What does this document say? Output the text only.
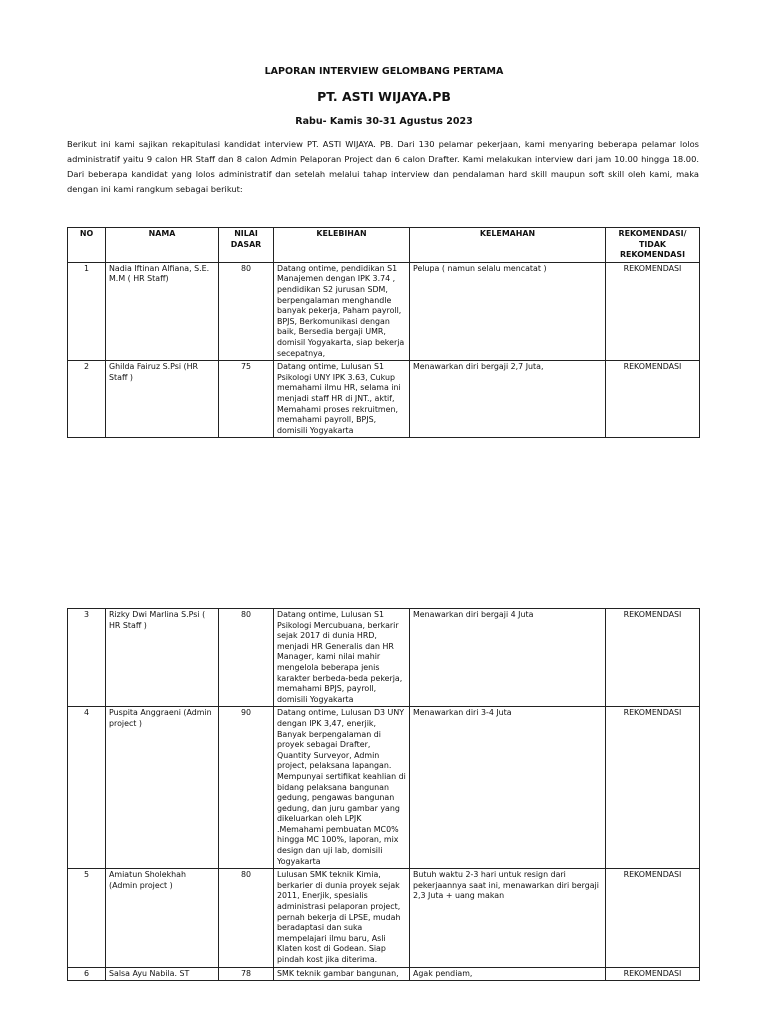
LAPORAN INTERVIEW GELOMBANG PERTAMA
PT. ASTI WIJAYA.PB
Rabu- Kamis 30-31 Agustus 2023
Berikut ini kami sajikan rekapitulasi kandidat interview PT. ASTI WIJAYA. PB. Dari 130 pelamar pekerjaan, kami menyaring beberapa pelamar lolos administratif yaitu 9 calon HR Staff dan 8 calon Admin Pelaporan Project dan 6 calon Drafter. Kami melakukan interview dari jam 10.00 hingga 18.00. Dari beberapa kandidat yang lolos administratif dan setelah melalui tahap interview dan pendalaman hard skill maupun soft skill oleh kami, maka dengan ini kami rangkum sebagai berikut:
NO	NAMA	NILAI DASAR	KELEBIHAN	KELEMAHAN	REKOMENDASI/ TIDAK REKOMENDASI
1	Nadia Iftinan Alfiana, S.E. M.M ( HR Staff)	80	Datang ontime, pendidikan S1 Manajemen dengan IPK 3.74 , pendidikan S2 jurusan SDM, berpengalaman menghandle banyak pekerja, Paham payroll, BPJS, Berkomunikasi dengan baik, Bersedia bergaji UMR, domisil Yogyakarta, siap bekerja secepatnya,	Pelupa ( namun selalu mencatat )	REKOMENDASI
2	Ghilda Fairuz S.Psi (HR Staff )	75	Datang ontime, Lulusan S1 Psikologi UNY IPK 3.63, Cukup memahami ilmu HR, selama ini menjadi staff HR di JNT., aktif, Memahami proses rekruitmen, memahami payroll, BPJS, domisili Yogyakarta	Menawarkan diri bergaji 2,7 Juta,	REKOMENDASI
3	Rizky Dwi Marlina S.Psi ( HR Staff )	80	Datang ontime, Lulusan S1 Psikologi Mercubuana, berkarir sejak 2017 di dunia HRD, menjadi HR Generalis dan HR Manager, kami nilai mahir mengelola beberapa jenis karakter berbeda-beda pekerja, memahami BPJS, payroll, domisili Yogyakarta	Menawarkan diri bergaji 4 Juta	REKOMENDASI
4	Puspita Anggraeni (Admin project )	90	Datang ontime, Lulusan D3 UNY dengan IPK 3,47, enerjik, Banyak berpengalaman di proyek sebagai Drafter, Quantity Surveyor, Admin project, pelaksana lapangan. Mempunyai sertifikat keahlian di bidang pelaksana bangunan gedung, pengawas bangunan gedung, dan juru gambar yang dikeluarkan oleh LPJK .Memahami pembuatan MC0% hingga MC 100%, laporan, mix design dan uji lab, domisili Yogyakarta	Menawarkan diri 3-4 Juta	REKOMENDASI
5	Amiatun Sholekhah (Admin project )	80	Lulusan SMK teknik Kimia, berkarier di dunia proyek sejak 2011, Enerjik, spesialis administrasi pelaporan project, pernah bekerja di LPSE, mudah beradaptasi dan suka mempelajari ilmu baru, Asli Klaten kost di Godean. Siap pindah kost jika diterima.	Butuh waktu 2-3 hari untuk resign dari pekerjaannya saat ini, menawarkan diri bergaji 2,3 Juta + uang makan	REKOMENDASI
6	Salsa Ayu Nabila. ST	78	SMK teknik gambar bangunan,	Agak pendiam,	REKOMENDASI
